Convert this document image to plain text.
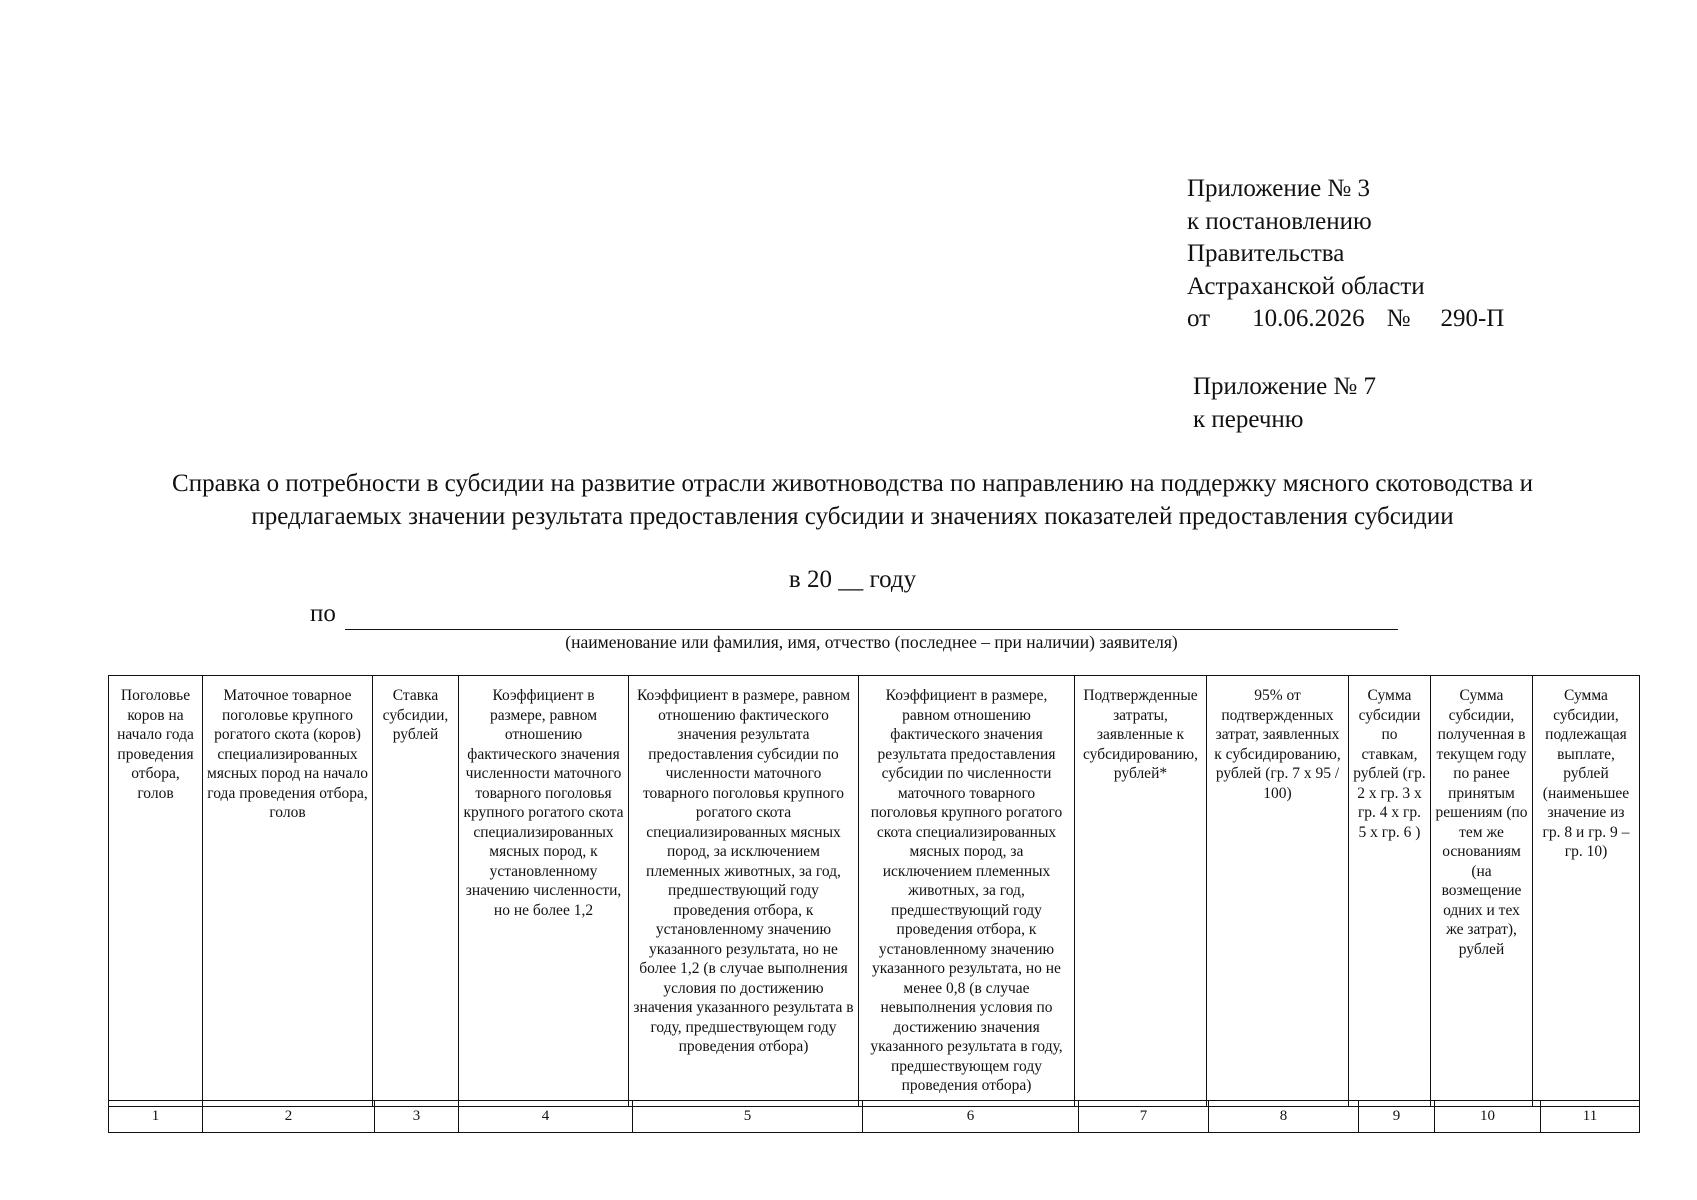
Приложение № 3
к постановлению
Правительства
Астраханской области
от 10.06.2026 № 290-П
Приложение № 7
к перечню
Справка о потребности в субсидии на развитие отрасли животноводства по направлению на поддержку мясного скотоводства и предлагаемых значении результата предоставления субсидии и значениях показателей предоставления субсидии
в 20 __ году
по
(наименование или фамилия, имя, отчество (последнее – при наличии) заявителя)
Поголовье коров на начало года проведения отбора, голов	Маточное товарное поголовье крупного рогатого скота (коров) специализированных мясных пород на начало года проведения отбора, голов	Ставка субсидии, рублей	Коэффициент в размере, равном отношению фактического значения численности маточного товарного поголовья крупного рогатого скота специализированных мясных пород, к установленному значению численности, но не более 1,2	Коэффициент в размере, равном отношению фактического значения результата предоставления субсидии по численности маточного товарного поголовья крупного рогатого скота специализированных мясных пород, за исключением племенных животных, за год, предшествующий году проведения отбора, к установленному значению указанного результата, но не более 1,2 (в случае выполнения условия по достижению значения указанного результата в году, предшествующем году проведения отбора)	Коэффициент в размере, равном отношению фактического значения результата предоставления субсидии по численности маточного товарного поголовья крупного рогатого скота специализированных мясных пород, за исключением племенных животных, за год, предшествующий году проведения отбора, к установленному значению указанного результата, но не менее 0,8 (в случае невыполнения условия по достижению значения указанного результата в году, предшествующем году проведения отбора)	Подтвержденные затраты, заявленные к субсидированию, рублей*	95% от подтвержденных затрат, заявленных к субсидированию, рублей (гр. 7 х 95 / 100)	Сумма субсидии по ставкам, рублей (гр. 2 х гр. 3 х гр. 4 х гр. 5 х гр. 6 )	Сумма субсидии, полученная в текущем году по ранее принятым решениям (по тем же основаниям (на возмещение одних и тех же затрат), рублей	Сумма субсидии, подлежащая выплате, рублей (наименьшее значение из гр. 8 и гр. 9 – гр. 10)
1	2	3	4	5	6	7	8	9	10	11
